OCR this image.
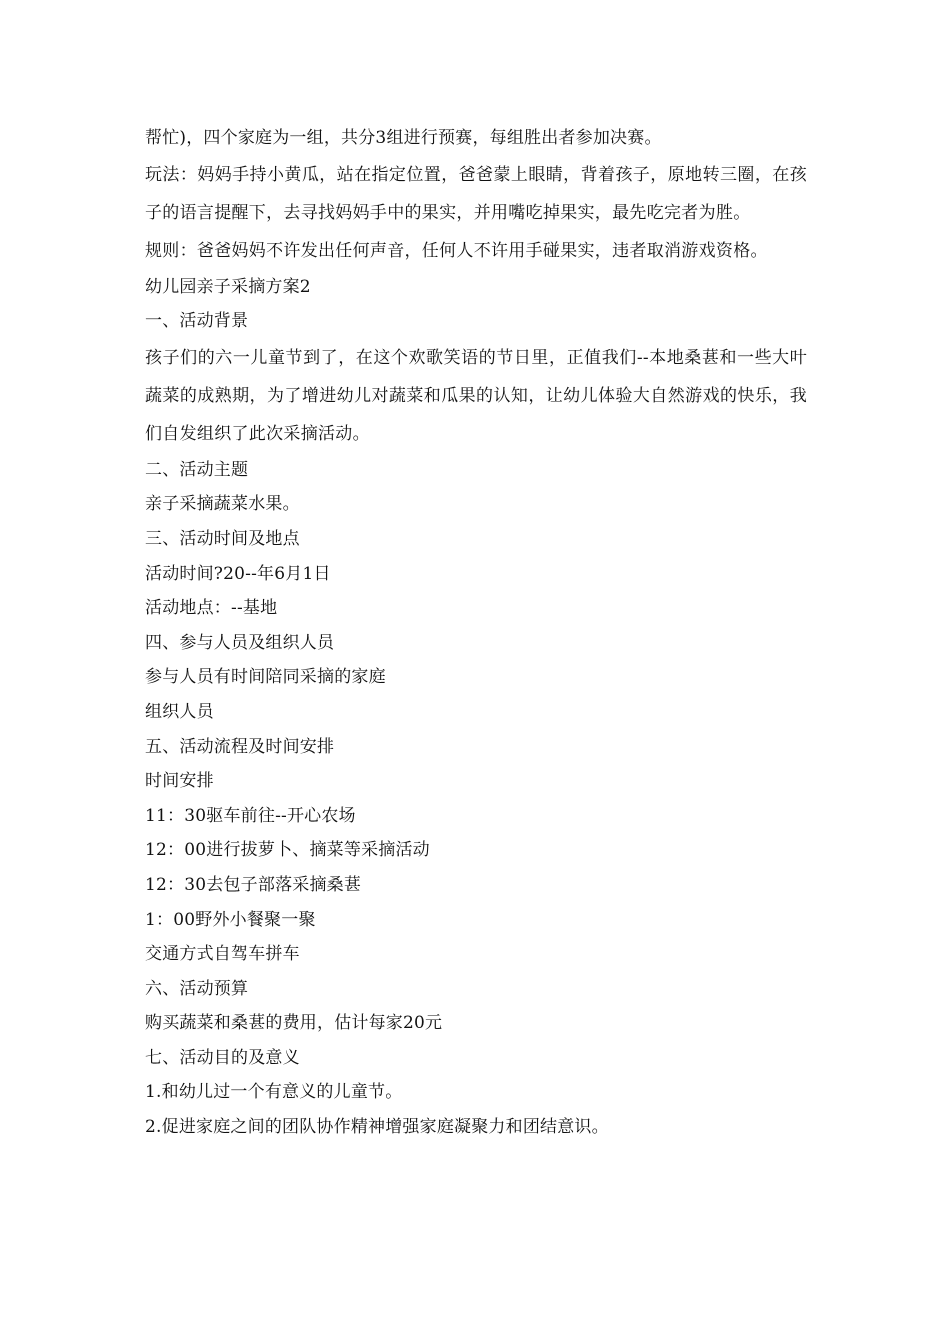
帮忙)，四个家庭为一组，共分3组进行预赛，每组胜出者参加决赛。
玩法：妈妈手持小黄瓜，站在指定位置，爸爸蒙上眼睛，背着孩子，原地转三圈，在孩子的语言提醒下，去寻找妈妈手中的果实，并用嘴吃掉果实，最先吃完者为胜。
规则：爸爸妈妈不许发出任何声音，任何人不许用手碰果实，违者取消游戏资格。
幼儿园亲子采摘方案2
一、活动背景
孩子们的六一儿童节到了，在这个欢歌笑语的节日里，正值我们--本地桑葚和一些大叶蔬菜的成熟期，为了增进幼儿对蔬菜和瓜果的认知，让幼儿体验大自然游戏的快乐，我们自发组织了此次采摘活动。
二、活动主题
亲子采摘蔬菜水果。
三、活动时间及地点
活动时间?20--年6月1日
活动地点：--基地
四、参与人员及组织人员
参与人员有时间陪同采摘的家庭
组织人员
五、活动流程及时间安排
时间安排
11：30驱车前往--开心农场
12：00进行拔萝卜、摘菜等采摘活动
12：30去包子部落采摘桑葚
1：00野外小餐聚一聚
交通方式自驾车拼车
六、活动预算
购买蔬菜和桑葚的费用，估计每家20元
七、活动目的及意义
1.和幼儿过一个有意义的儿童节。
2.促进家庭之间的团队协作精神增强家庭凝聚力和团结意识。
